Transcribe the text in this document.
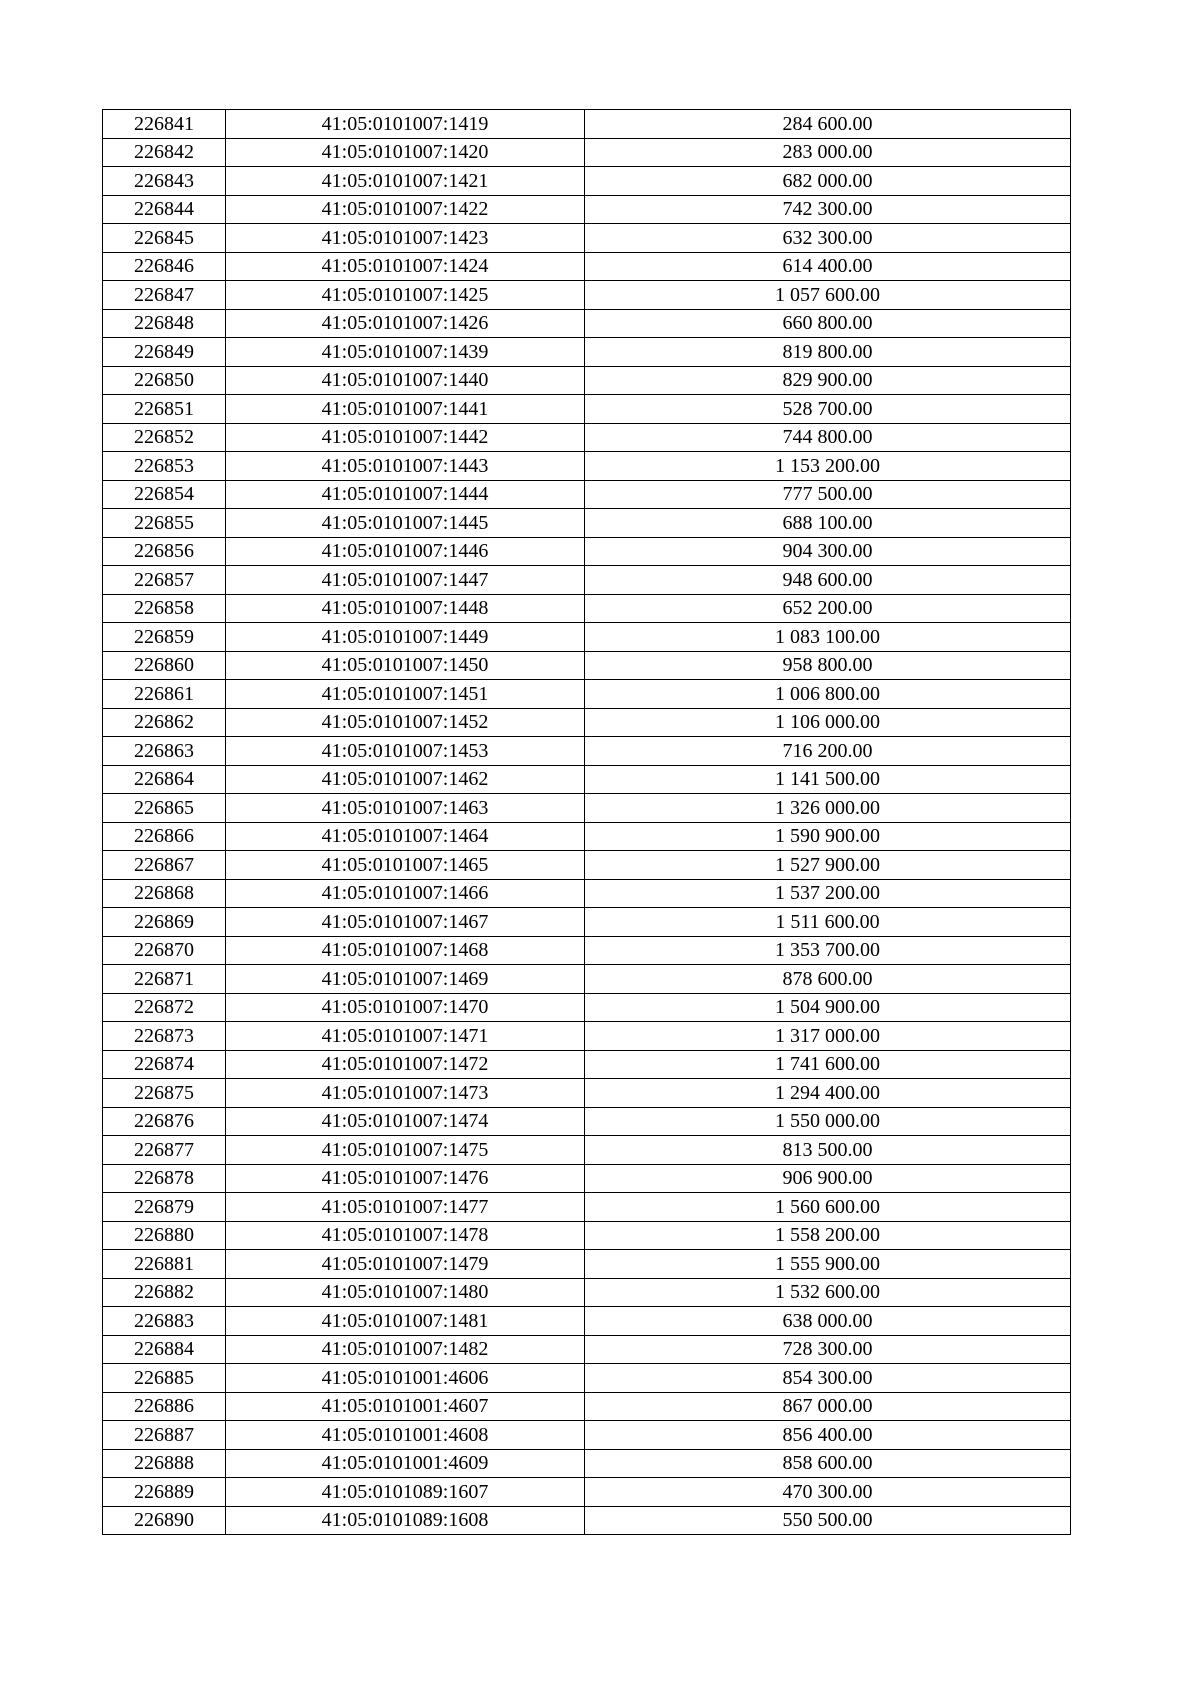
226841	41:05:0101007:1419	284 600.00
226842	41:05:0101007:1420	283 000.00
226843	41:05:0101007:1421	682 000.00
226844	41:05:0101007:1422	742 300.00
226845	41:05:0101007:1423	632 300.00
226846	41:05:0101007:1424	614 400.00
226847	41:05:0101007:1425	1 057 600.00
226848	41:05:0101007:1426	660 800.00
226849	41:05:0101007:1439	819 800.00
226850	41:05:0101007:1440	829 900.00
226851	41:05:0101007:1441	528 700.00
226852	41:05:0101007:1442	744 800.00
226853	41:05:0101007:1443	1 153 200.00
226854	41:05:0101007:1444	777 500.00
226855	41:05:0101007:1445	688 100.00
226856	41:05:0101007:1446	904 300.00
226857	41:05:0101007:1447	948 600.00
226858	41:05:0101007:1448	652 200.00
226859	41:05:0101007:1449	1 083 100.00
226860	41:05:0101007:1450	958 800.00
226861	41:05:0101007:1451	1 006 800.00
226862	41:05:0101007:1452	1 106 000.00
226863	41:05:0101007:1453	716 200.00
226864	41:05:0101007:1462	1 141 500.00
226865	41:05:0101007:1463	1 326 000.00
226866	41:05:0101007:1464	1 590 900.00
226867	41:05:0101007:1465	1 527 900.00
226868	41:05:0101007:1466	1 537 200.00
226869	41:05:0101007:1467	1 511 600.00
226870	41:05:0101007:1468	1 353 700.00
226871	41:05:0101007:1469	878 600.00
226872	41:05:0101007:1470	1 504 900.00
226873	41:05:0101007:1471	1 317 000.00
226874	41:05:0101007:1472	1 741 600.00
226875	41:05:0101007:1473	1 294 400.00
226876	41:05:0101007:1474	1 550 000.00
226877	41:05:0101007:1475	813 500.00
226878	41:05:0101007:1476	906 900.00
226879	41:05:0101007:1477	1 560 600.00
226880	41:05:0101007:1478	1 558 200.00
226881	41:05:0101007:1479	1 555 900.00
226882	41:05:0101007:1480	1 532 600.00
226883	41:05:0101007:1481	638 000.00
226884	41:05:0101007:1482	728 300.00
226885	41:05:0101001:4606	854 300.00
226886	41:05:0101001:4607	867 000.00
226887	41:05:0101001:4608	856 400.00
226888	41:05:0101001:4609	858 600.00
226889	41:05:0101089:1607	470 300.00
226890	41:05:0101089:1608	550 500.00
